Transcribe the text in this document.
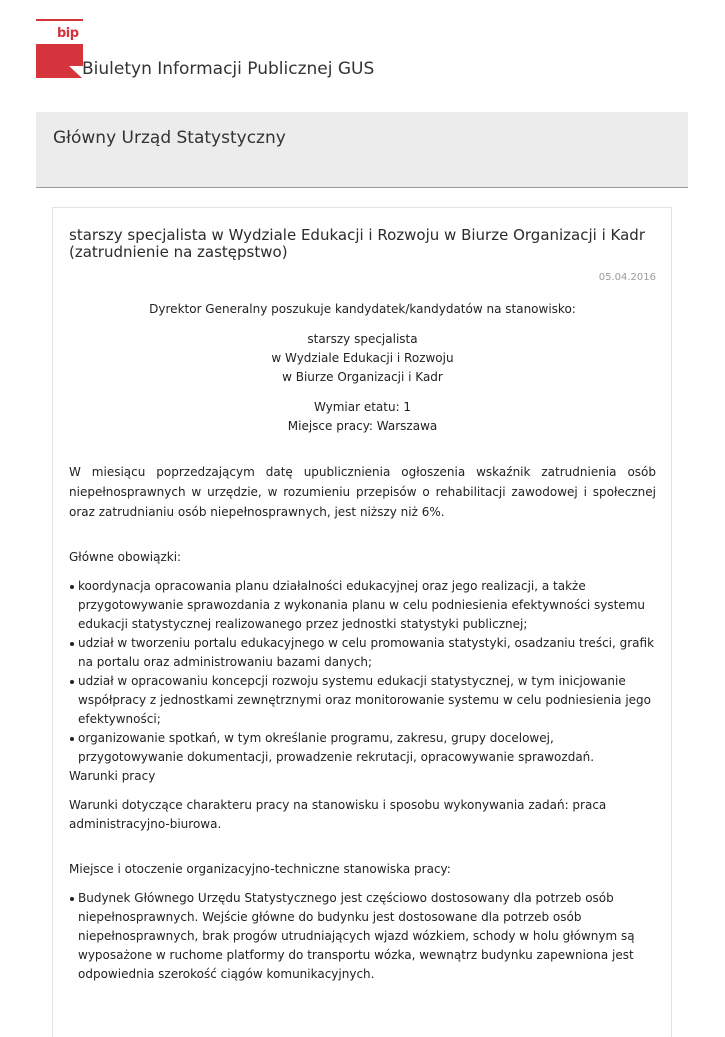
bip
Biuletyn Informacji Publicznej GUS
Główny Urząd Statystyczny
starszy specjalista w Wydziale Edukacji i Rozwoju w Biurze Organizacji i Kadr
(zatrudnienie na zastępstwo)
05.04.2016
Dyrektor Generalny poszukuje kandydatek/kandydatów na stanowisko:
starszy specjalista
w Wydziale Edukacji i Rozwoju
w Biurze Organizacji i Kadr
Wymiar etatu: 1
Miejsce pracy: Warszawa
W miesiącu poprzedzającym datę upublicznienia ogłoszenia wskaźnik zatrudnienia osób niepełnosprawnych w urzędzie, w rozumieniu przepisów o rehabilitacji zawodowej i społecznej oraz zatrudnianiu osób niepełnosprawnych, jest niższy niż 6%.
Główne obowiązki:
koordynacja opracowania planu działalności edukacyjnej oraz jego realizacji, a także przygotowywanie sprawozdania z wykonania planu w celu podniesienia efektywności systemu edukacji statystycznej realizowanego przez jednostki statystyki publicznej;
udział w tworzeniu portalu edukacyjnego w celu promowania statystyki, osadzaniu treści, grafik na portalu oraz administrowaniu bazami danych;
udział w opracowaniu koncepcji rozwoju systemu edukacji statystycznej, w tym inicjowanie współpracy z jednostkami zewnętrznymi oraz monitorowanie systemu w celu podniesienia jego efektywności;
organizowanie spotkań, w tym określanie programu, zakresu, grupy docelowej, przygotowywanie dokumentacji, prowadzenie rekrutacji, opracowywanie sprawozdań.
Warunki pracy
Warunki dotyczące charakteru pracy na stanowisku i sposobu wykonywania zadań: praca administracyjno-biurowa.
Miejsce i otoczenie organizacyjno-techniczne stanowiska pracy:
Budynek Głównego Urzędu Statystycznego jest częściowo dostosowany dla potrzeb osób niepełnosprawnych. Wejście główne do budynku jest dostosowane dla potrzeb osób niepełnosprawnych, brak progów utrudniających wjazd wózkiem, schody w holu głównym są wyposażone w ruchome platformy do transportu wózka, wewnątrz budynku zapewniona jest odpowiednia szerokość ciągów komunikacyjnych.
